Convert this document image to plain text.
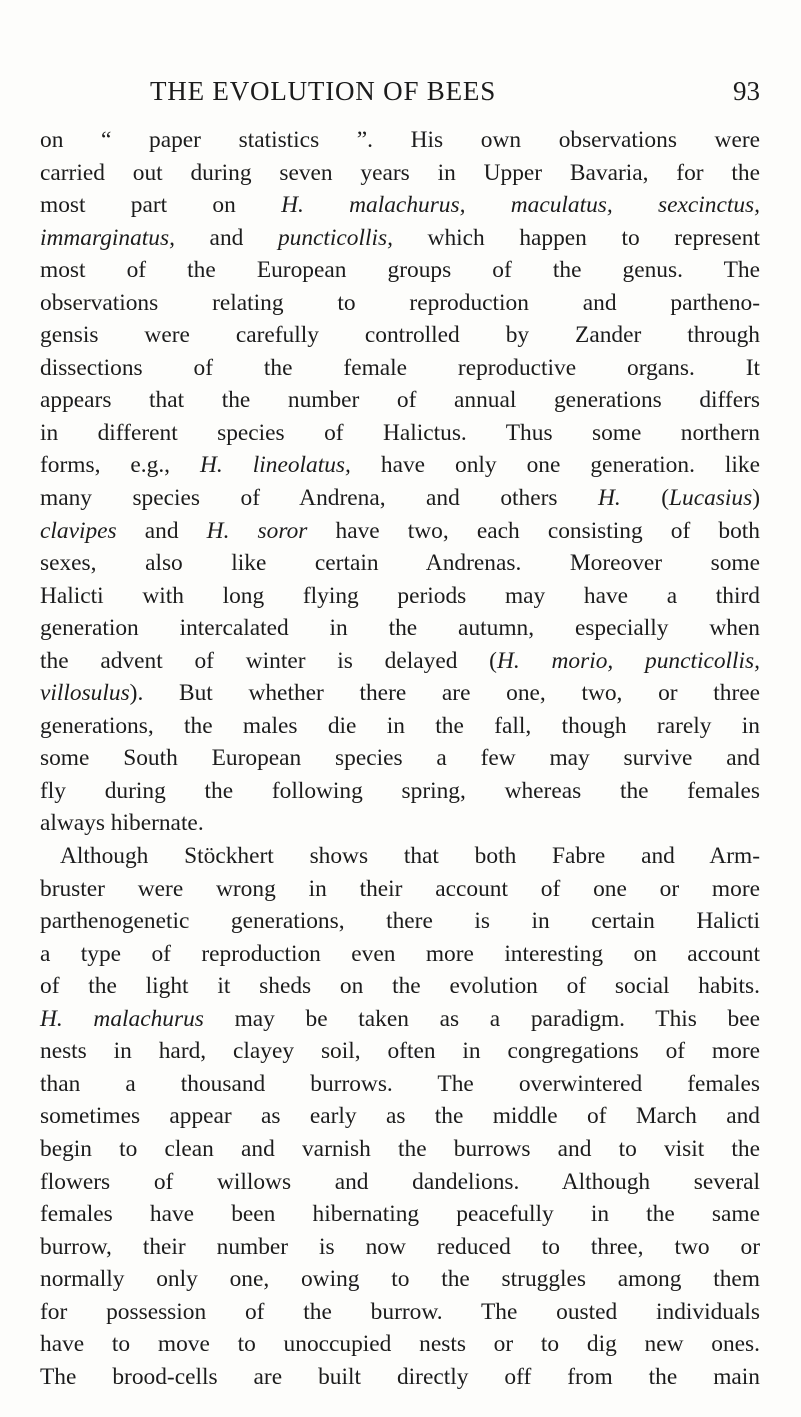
THE EVOLUTION OF BEES	93
on “ paper statistics ”. His own observations were
carried out during seven years in Upper Bavaria, for the
most part on H. malachurus, maculatus, sexcinctus,
immarginatus, and puncticollis, which happen to represent
most of the European groups of the genus. The
observations relating to reproduction and partheno-
gensis were carefully controlled by Zander through
dissections of the female reproductive organs. It
appears that the number of annual generations differs
in different species of Halictus. Thus some northern
forms, e.g., H. lineolatus, have only one generation. like
many species of Andrena, and others H. (Lucasius)
clavipes and H. soror have two, each consisting of both
sexes, also like certain Andrenas. Moreover some
Halicti with long flying periods may have a third
generation intercalated in the autumn, especially when
the advent of winter is delayed (H. morio, puncticollis,
villosulus). But whether there are one, two, or three
generations, the males die in the fall, though rarely in
some South European species a few may survive and
fly during the following spring, whereas the females
always hibernate.
Although Stöckhert shows that both Fabre and Arm-
bruster were wrong in their account of one or more
parthenogenetic generations, there is in certain Halicti
a type of reproduction even more interesting on account
of the light it sheds on the evolution of social habits.
H. malachurus may be taken as a paradigm. This bee
nests in hard, clayey soil, often in congregations of more
than a thousand burrows. The overwintered females
sometimes appear as early as the middle of March and
begin to clean and varnish the burrows and to visit the
flowers of willows and dandelions. Although several
females have been hibernating peacefully in the same
burrow, their number is now reduced to three, two or
normally only one, owing to the struggles among them
for possession of the burrow. The ousted individuals
have to move to unoccupied nests or to dig new ones.
The brood-cells are built directly off from the main
